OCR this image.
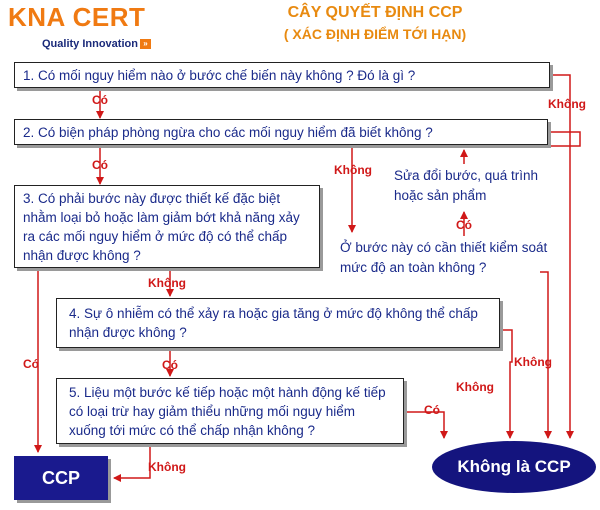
KNA CERT
Quality Innovation »
CÂY QUYẾT ĐỊNH CCP
( XÁC ĐỊNH ĐIỂM TỚI HẠN)
1. Có mối nguy hiểm nào ở bước chế biến này không ? Đó là gì ?
2. Có biện pháp phòng ngừa cho các mối nguy hiểm đã biết không ?
3. Có phải bước này được thiết kế đặc biệt nhằm loại bỏ hoặc làm giảm bớt khả năng xảy ra các mối nguy hiểm ở mức độ có thể chấp nhận được không ?
4. Sự ô nhiễm có thể xảy ra hoặc gia tăng ở mức độ không thể chấp nhận được không ?
5. Liệu một bước kế tiếp hoặc một hành động kế tiếp có loại trừ hay giảm thiểu những mối nguy hiểm xuống tới mức có thể chấp nhận không ?
Sửa đổi bước, quá trình hoặc sản phẩm
Ở bước này có cần thiết kiểm soát mức độ an toàn không ?
Có	Không
Có	Không
Có
Không
Có	Có	Không
Không
Có
Không
CCP
Không là CCP
